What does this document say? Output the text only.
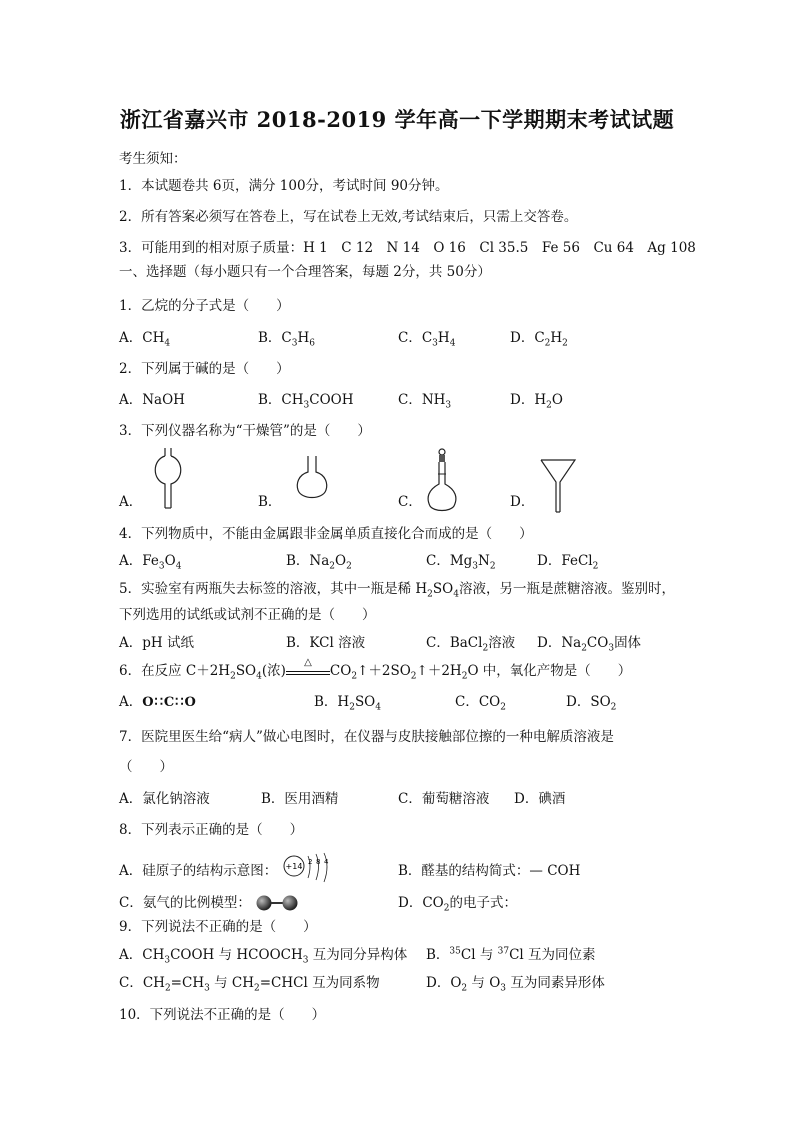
浙江省嘉兴市 2018-2019 学年高一下学期期末考试试题
考生须知：
1．本试题卷共 6页，满分 100分，考试时间 90分钟。
2．所有答案必须写在答卷上，写在试卷上无效,考试结束后，只需上交答卷。
3．可能用到的相对原子质量：H 1　C 12　N 14　O 16　Cl 35.5　Fe 56　Cu 64　Ag 108
一、选择题（每小题只有一个合理答案，每题 2分，共 50分）
1．乙烷的分子式是（　　）
A．$CH_4$	B．$C_3H_6$	C．$C_3H_4$	D．$C_2H_2$
2．下列属于碱的是（　　）
A．NaOH	B．$CH_3COOH$	C．$NH_3$	D．$H_2O$
3．下列仪器名称为“干燥管”的是（　　）
A．	B．	C．	D．
4．下列物质中，不能由金属跟非金属单质直接化合而成的是（　　）
A．$Fe_3O_4$	B．$Na_2O_2$	C．$Mg_3N_2$	D．FeCl$_2$
5．实验室有两瓶失去标签的溶液，其中一瓶是稀 $H_2SO_4$溶液，另一瓶是蔗糖溶液。鉴别时，
下列选用的试纸或试剂不正确的是（　　）
A．pH 试纸	B．KCl 溶液	C．BaCl$_2$溶液 D．$Na_2CO_3$固体
6．在反应 $C+2H_2SO_4$(浓)
△
$CO_2↑+2SO_2↑+2H_2O$ 中，氧化产物是（　　）
A．O∷C∷O	B．$H_2SO_4$	C．$CO_2$	D．$SO_2$
7．医院里医生给“病人”做心电图时，在仪器与皮肤接触部位擦的一种电解质溶液是
（　　）
A．氯化钠溶液	B．医用酒精	C．葡萄糖溶液 D．碘酒
8．下列表示正确的是（　　）
A．硅原子的结构示意图： +14 2 8 4
B．醛基的结构简式：— COH
C．氨气的比例模型：	D．$CO_2$的电子式：
9．下列说法不正确的是（　　）
A．$CH_3COOH$ 与 $HCOOCH_3$ 互为同分异构体 B．$^{35}$Cl 与 $^{37}$Cl 互为同位素
C．$CH_2=CH_3$ 与 $CH_2=CHCl$ 互为同系物	D．$O_2$ 与 $O_3$ 互为同素异形体
10．下列说法不正确的是（　　）
